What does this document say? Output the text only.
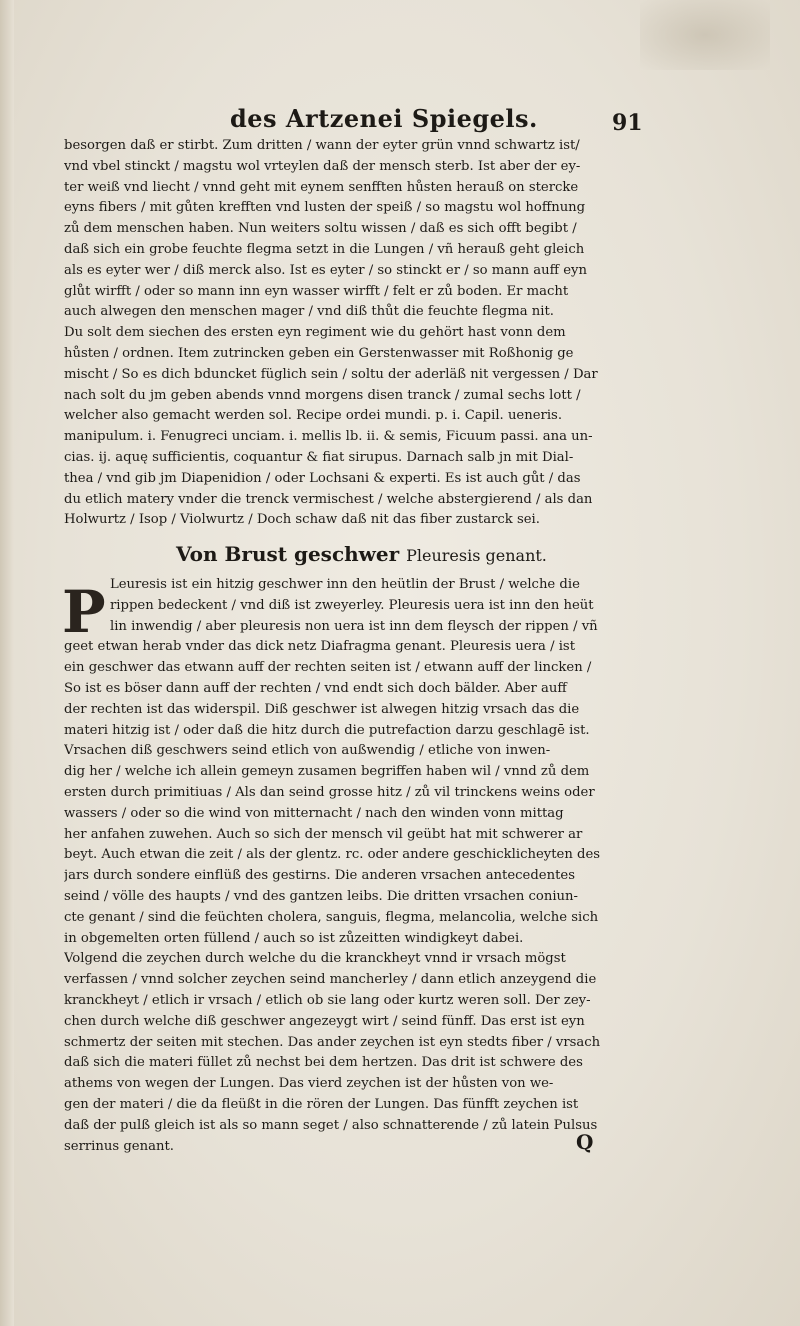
des Artzenei Spiegels.	91
besorgen daß er stirbt. Zum dritten / wann der eyter grün vnnd schwartz ist/
vnd vbel stinckt / magstu wol vrteylen daß der mensch sterb. Ist aber der ey-
ter weiß vnd liecht / vnnd geht mit eynem senfften hůsten herauß on stercke
eyns fibers / mit gůten krefften vnd lusten der speiß / so magstu wol hoffnung
zů dem menschen haben. Nun weiters soltu wissen / daß es sich offt begibt /
daß sich ein grobe feuchte flegma setzt in die Lungen / vñ herauß geht gleich
als es eyter wer / diß merck also. Ist es eyter / so stinckt er / so mann auff eyn
glůt wirfft / oder so mann inn eyn wasser wirfft / felt er zů boden. Er macht
auch alwegen den menschen mager / vnd diß thůt die feuchte flegma nit.
Du solt dem siechen des ersten eyn regiment wie du gehört hast vonn dem
hůsten / ordnen. Item zutrincken geben ein Gerstenwasser mit Roßhonig ge
mischt / So es dich bduncket füglich sein / soltu der aderläß nit vergessen / Dar
nach solt du jm geben abends vnnd morgens disen tranck / zumal sechs lott /
welcher also gemacht werden sol. Recipe ordei mundi. p. i. Capil. ueneris.
manipulum. i. Fenugreci unciam. i. mellis lb. ii. & semis, Ficuum passi. ana un-
cias. ij. aquę sufficientis, coquantur & fiat sirupus. Darnach salb jn mit Dial-
thea / vnd gib jm Diapenidion / oder Lochsani & experti. Es ist auch gůt / das
du etlich matery vnder die trenck vermischest / welche abstergierend / als dan
Holwurtz / Isop / Violwurtz / Doch schaw daß nit das fiber zustarck sei.
Von Brust geschwer Pleuresis genant.
P Leuresis ist ein hitzig geschwer inn den heütlin der Brust / welche die
rippen bedeckent / vnd diß ist zweyerley. Pleuresis uera ist inn den heüt
lin inwendig / aber pleuresis non uera ist inn dem fleysch der rippen / vñ
geet etwan herab vnder das dick netz Diafragma genant. Pleuresis uera / ist
ein geschwer das etwann auff der rechten seiten ist / etwann auff der lincken /
So ist es böser dann auff der rechten / vnd endt sich doch bälder. Aber auff
der rechten ist das widerspil. Diß geschwer ist alwegen hitzig vrsach das die
materi hitzig ist / oder daß die hitz durch die putrefaction darzu geschlagē ist.
Vrsachen diß geschwers seind etlich von außwendig / etliche von inwen-
dig her / welche ich allein gemeyn zusamen begriffen haben wil / vnnd zů dem
ersten durch primitiuas / Als dan seind grosse hitz / zů vil trinckens weins oder
wassers / oder so die wind von mitternacht / nach den winden vonn mittag
her anfahen zuwehen. Auch so sich der mensch vil geübt hat mit schwerer ar
beyt. Auch etwan die zeit / als der glentz. rc. oder andere geschicklicheyten des
jars durch sondere einflüß des gestirns. Die anderen vrsachen antecedentes
seind / völle des haupts / vnd des gantzen leibs. Die dritten vrsachen coniun-
cte genant / sind die feüchten cholera, sanguis, flegma, melancolia, welche sich
in obgemelten orten füllend / auch so ist zůzeitten windigkeyt dabei.
Volgend die zeychen durch welche du die kranckheyt vnnd ir vrsach mögst
verfassen / vnnd solcher zeychen seind mancherley / dann etlich anzeygend die
kranckheyt / etlich ir vrsach / etlich ob sie lang oder kurtz weren soll. Der zey-
chen durch welche diß geschwer angezeygt wirt / seind fünff. Das erst ist eyn
schmertz der seiten mit stechen. Das ander zeychen ist eyn stedts fiber / vrsach
daß sich die materi füllet zů nechst bei dem hertzen. Das drit ist schwere des
athems von wegen der Lungen. Das vierd zeychen ist der hůsten von we-
gen der materi / die da fleüßt in die rören der Lungen. Das fünfft zeychen ist
daß der pulß gleich ist als so mann seget / also schnatterende / zů latein Pulsus
serrinus genant.	Q
